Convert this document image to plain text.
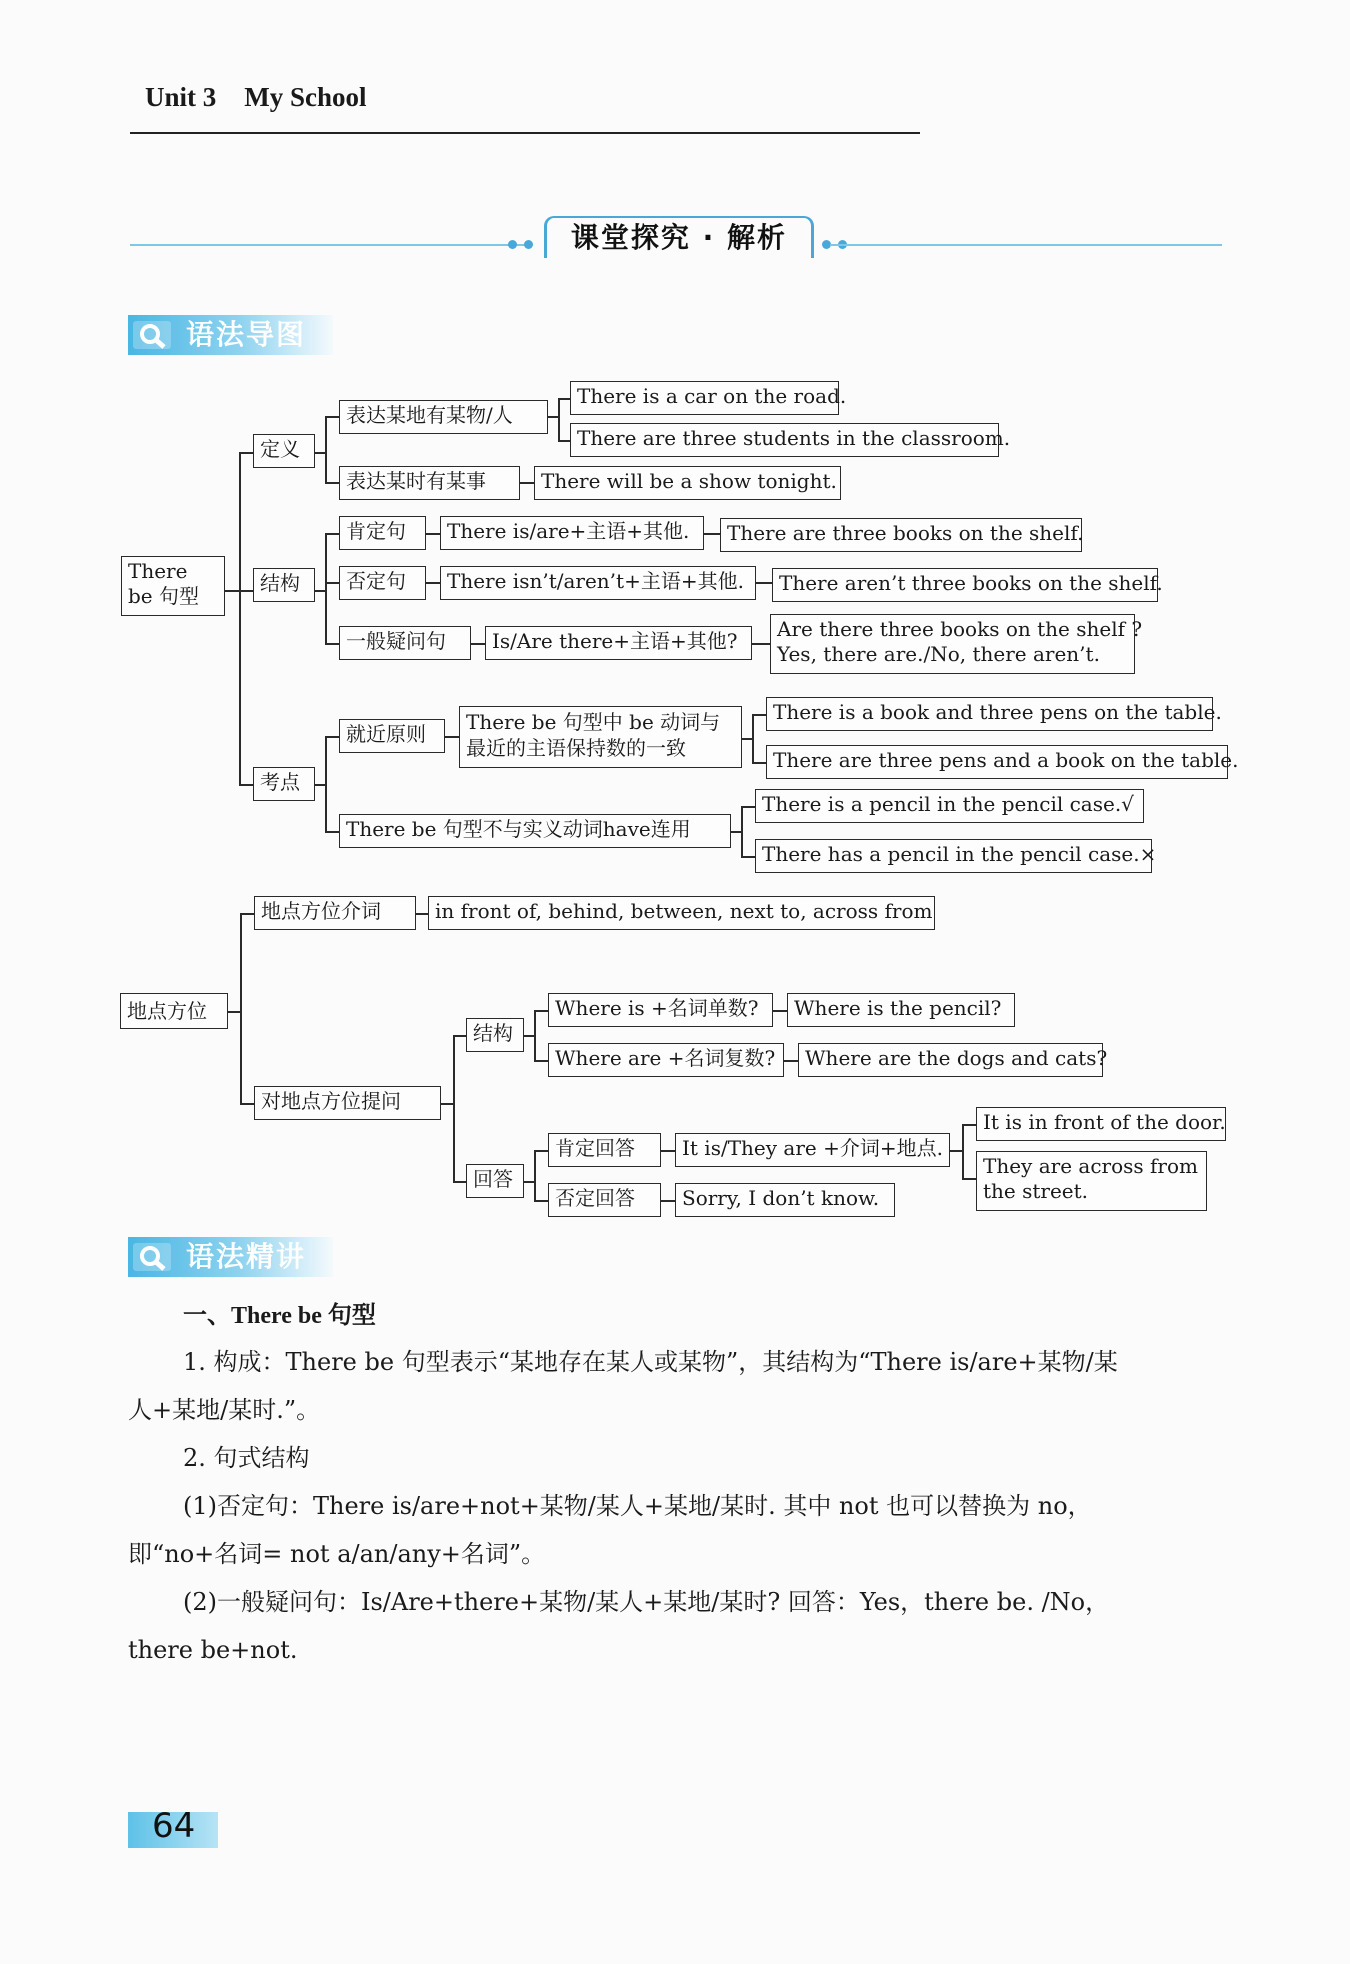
Unit 3 My School
课堂探究 · 解析
语法导图
There be 句型
定义
表达某地有某物/人
There is a car on the road.
There are three students in the classroom.
表达某时有某事	There will be a show tonight.
结构
肯定句	There is/are+主语+其他.	There are three books on the shelf.
否定句	There isn’t/aren’t+主语+其他.	There aren’t three books on the shelf.
一般疑问句	Is/Are there+主语+其他?	Are there three books on the shelf ?
Yes, there are./No, there aren’t.
考点
就近原则	There be 句型中 be 动词与
最近的主语保持数的一致
There is a book and three pens on the table.
There are three pens and a book on the table.
There be 句型不与实义动词have连用
There is a pencil in the pencil case.√
There has a pencil in the pencil case.×
地点方位
地点方位介词	in front of, behind, between, next to, across from
对地点方位提问
结构
Where is +名词单数?	Where is the pencil?
Where are +名词复数?	Where are the dogs and cats?
回答
肯定回答	It is/They are +介词+地点.
It is in front of the door.
They are across from
the street.
否定回答	Sorry, I don’t know.
语法精讲
一、There be 句型
1. 构成：There be 句型表示“某地存在某人或某物”，其结构为“There is/are+某物/某
人+某地/某时.”。
2. 句式结构
(1)否定句：There is/are+not+某物/某人+某地/某时. 其中 not 也可以替换为 no，
即“no+名词= not a/an/any+名词”。
(2)一般疑问句：Is/Are+there+某物/某人+某地/某时? 回答：Yes，there be. /No，
there be+not.
64
